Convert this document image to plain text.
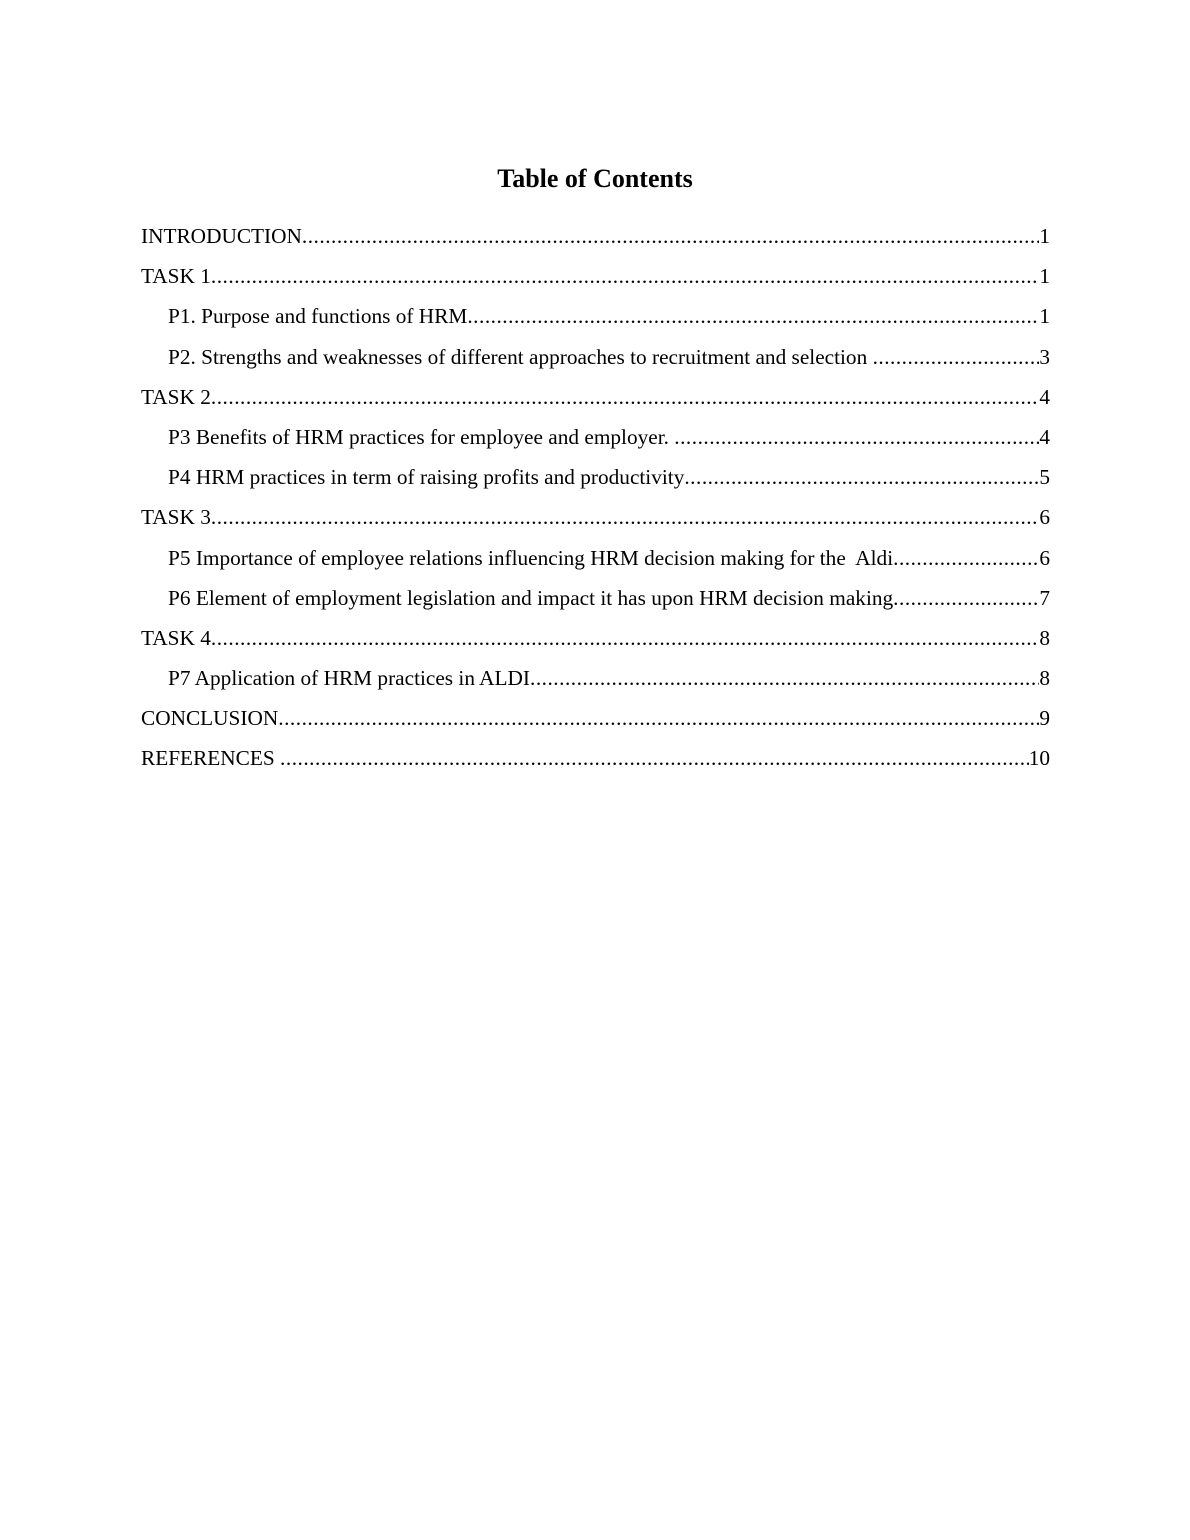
Table of Contents
INTRODUCTION .....	1
TASK 1 .....	1
P1. Purpose and functions of HRM .....	1
P2. Strengths and weaknesses of different approaches to recruitment and selection .....	3
TASK 2 .....	4
P3 Benefits of HRM practices for employee and employer. .....	4
P4 HRM practices in term of raising profits and productivity .....	5
TASK 3 .....	6
P5 Importance of employee relations influencing HRM decision making for the  Aldi .....	6
P6 Element of employment legislation and impact it has upon HRM decision making .....	7
TASK 4 .....	8
P7 Application of HRM practices in ALDI .....	8
CONCLUSION .....	9
REFERENCES .....	10
